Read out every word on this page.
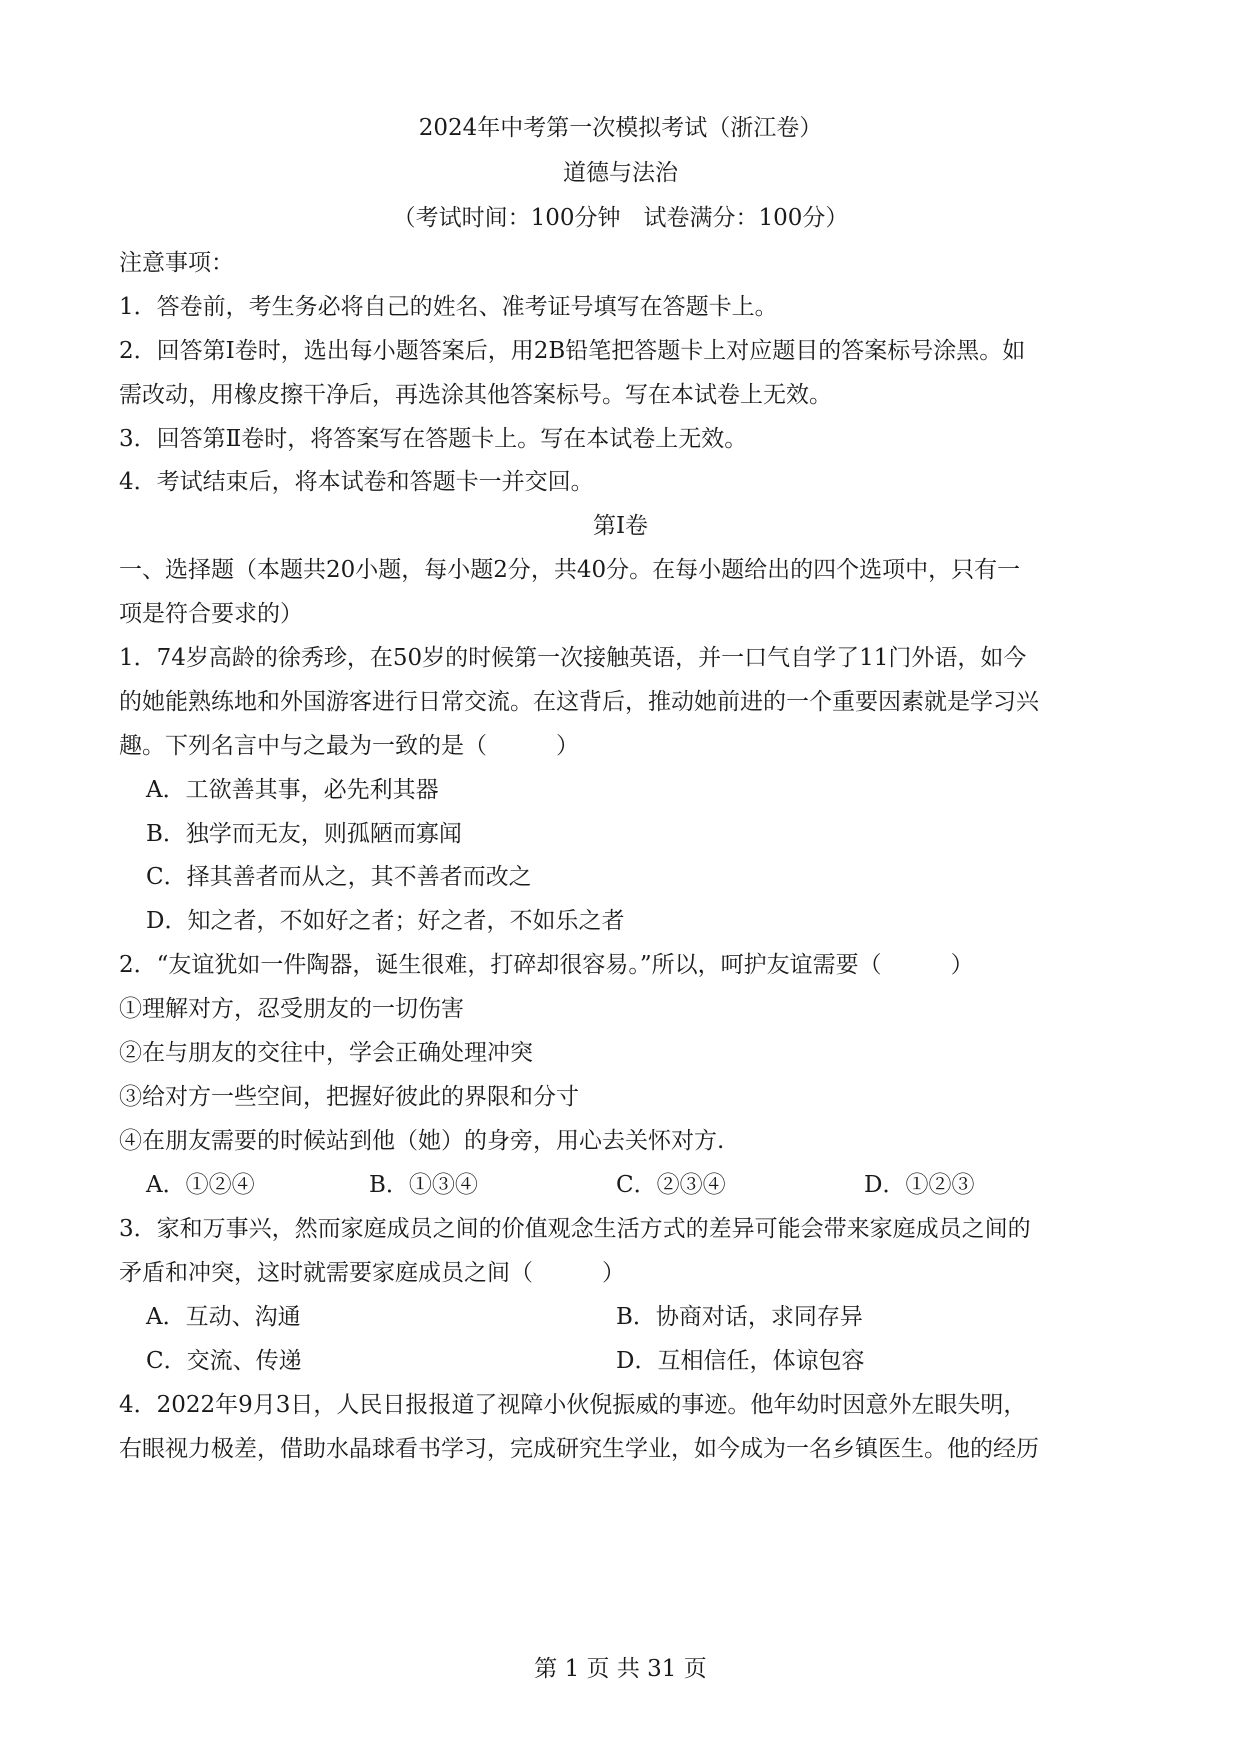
2024年中考第一次模拟考试（浙江卷）
道德与法治
（考试时间：100分钟　试卷满分：100分）
注意事项：
1．答卷前，考生务必将自己的姓名、准考证号填写在答题卡上。
2．回答第Ⅰ卷时，选出每小题答案后，用2B铅笔把答题卡上对应题目的答案标号涂黑。如
需改动，用橡皮擦干净后，再选涂其他答案标号。写在本试卷上无效。
3．回答第Ⅱ卷时，将答案写在答题卡上。写在本试卷上无效。
4．考试结束后，将本试卷和答题卡一并交回。
第Ⅰ卷
一、选择题（本题共20小题，每小题2分，共40分。在每小题给出的四个选项中，只有一
项是符合要求的）
1．74岁高龄的徐秀珍，在50岁的时候第一次接触英语，并一口气自学了11门外语，如今
的她能熟练地和外国游客进行日常交流。在这背后，推动她前进的一个重要因素就是学习兴
趣。下列名言中与之最为一致的是（　　　）
A．工欲善其事，必先利其器
B．独学而无友，则孤陋而寡闻
C．择其善者而从之，其不善者而改之
D．知之者，不如好之者；好之者，不如乐之者
2．“友谊犹如一件陶器，诞生很难，打碎却很容易。”所以，呵护友谊需要（　　　）
①理解对方，忍受朋友的一切伤害
②在与朋友的交往中，学会正确处理冲突
③给对方一些空间，把握好彼此的界限和分寸
④在朋友需要的时候站到他（她）的身旁，用心去关怀对方.
A．①②④	B．①③④	C．②③④	D．①②③
3．家和万事兴，然而家庭成员之间的价值观念生活方式的差异可能会带来家庭成员之间的
矛盾和冲突，这时就需要家庭成员之间（　　　）
A．互动、沟通	B．协商对话，求同存异
C．交流、传递	D．互相信任，体谅包容
4．2022年9月3日，人民日报报道了视障小伙倪振威的事迹。他年幼时因意外左眼失明，
右眼视力极差，借助水晶球看书学习，完成研究生学业，如今成为一名乡镇医生。他的经历
第 1 页 共 31 页
